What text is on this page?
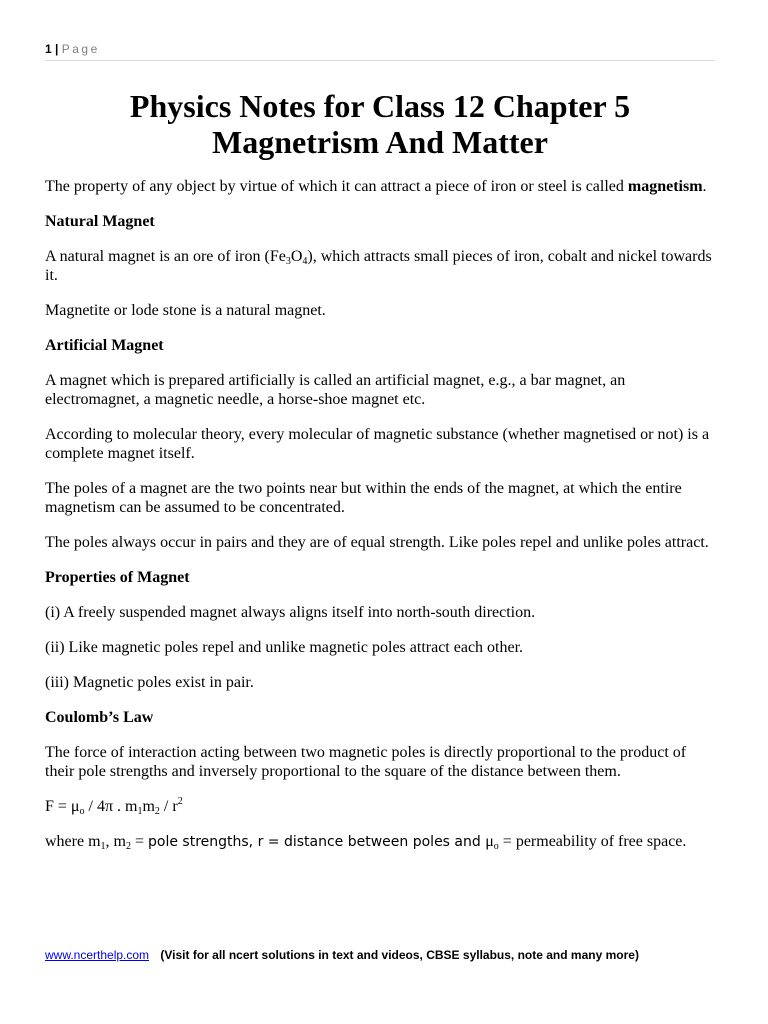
1 | Page
Physics Notes for Class 12 Chapter 5
Magnetrism And Matter

The property of any object by virtue of which it can attract a piece of iron or steel is called magnetism.

Natural Magnet

A natural magnet is an ore of iron $(Fe_3O_4)$, which attracts small pieces of iron, cobalt and nickel towards it.

Magnetite or lode stone is a natural magnet.

Artificial Magnet

A magnet which is prepared artificially is called an artificial magnet, e.g., a bar magnet, an electromagnet, a magnetic needle, a horse-shoe magnet etc.

According to molecular theory, every molecular of magnetic substance (whether magnetised or not) is a complete magnet itself.

The poles of a magnet are the two points near but within the ends of the magnet, at which the entire magnetism can be assumed to be concentrated.

The poles always occur in pairs and they are of equal strength. Like poles repel and unlike poles attract.

Properties of Magnet

(i) A freely suspended magnet always aligns itself into north-south direction.

(ii) Like magnetic poles repel and unlike magnetic poles attract each other.

(iii) Magnetic poles exist in pair.

Coulomb’s Law

The force of interaction acting between two magnetic poles is directly proportional to the product of their pole strengths and inversely proportional to the square of the distance between them.

$F = \mu_o / 4\pi$ . $m_1m_2 / r^2$

where $m_1$, $m_2$ = pole strengths, r = distance between poles and $\mu_o$ = permeability of free space.

www.ncerthelp.com (Visit for all ncert solutions in text and videos, CBSE syllabus, note and many more)
